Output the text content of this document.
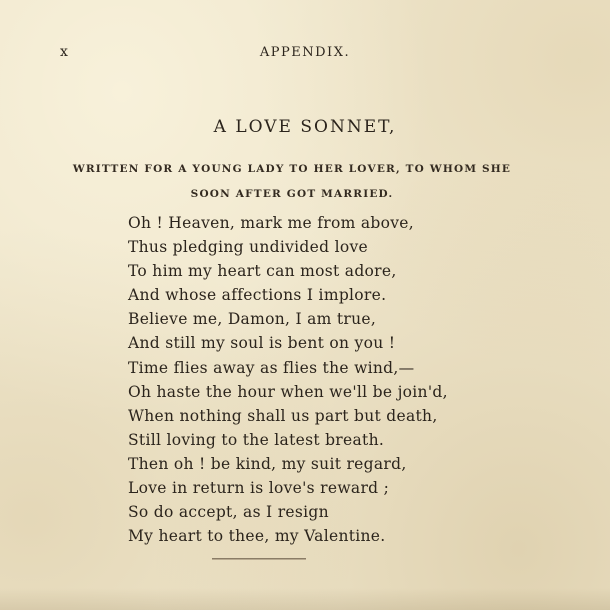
x	APPENDIX.
A LOVE SONNET,
WRITTEN FOR A YOUNG LADY TO HER LOVER, TO WHOM SHE
SOON AFTER GOT MARRIED.
Oh ! Heaven, mark me from above,
Thus pledging undivided love
To him my heart can most adore,
And whose affections I implore.
Believe me, Damon, I am true,
And still my soul is bent on you !
Time flies away as flies the wind,—
Oh haste the hour when we'll be join'd,
When nothing shall us part but death,
Still loving to the latest breath.
Then oh ! be kind, my suit regard,
Love in return is love's reward ;
So do accept, as I resign
My heart to thee, my Valentine.
